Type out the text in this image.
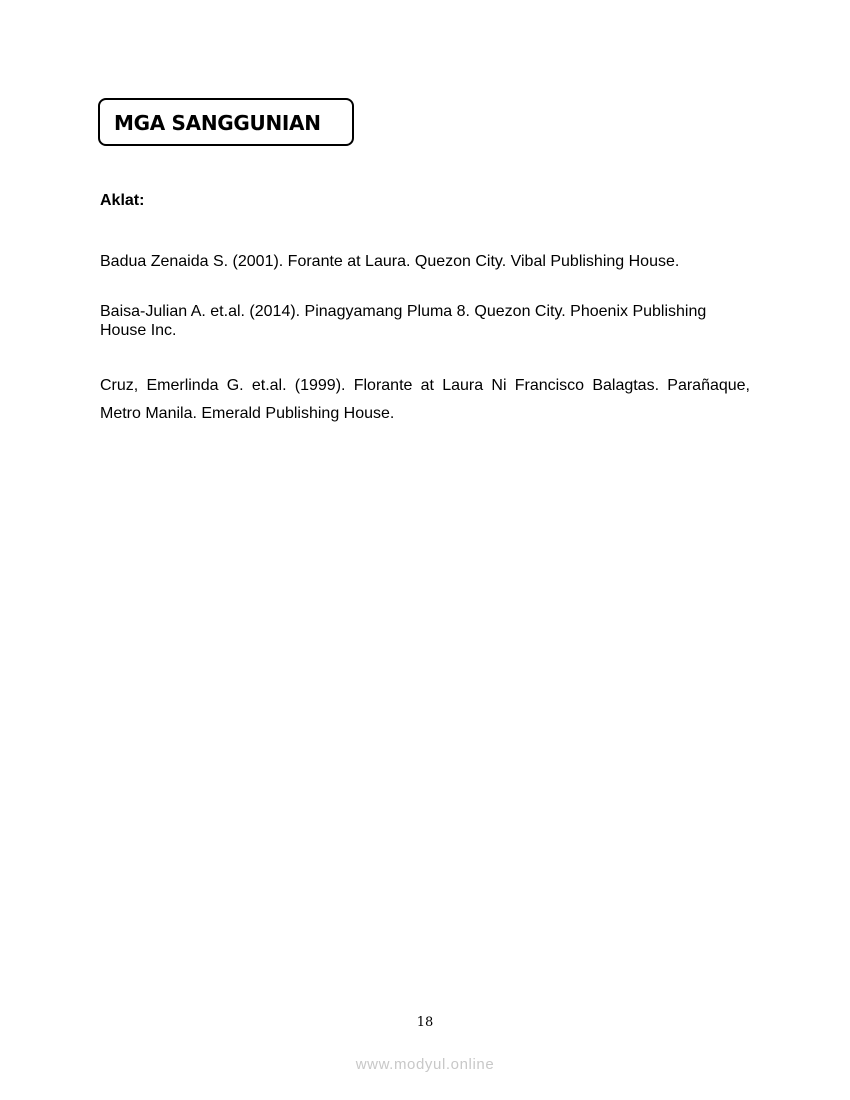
MGA SANGGUNIAN
Aklat:
Badua Zenaida S. (2001). Forante at Laura. Quezon City. Vibal Publishing House.
Baisa-Julian A. et.al. (2014). Pinagyamang Pluma 8. Quezon City. Phoenix Publishing House Inc.
Cruz, Emerlinda G. et.al. (1999). Florante at Laura Ni Francisco Balagtas. Parañaque, Metro Manila. Emerald Publishing House.
18
www.modyul.online
